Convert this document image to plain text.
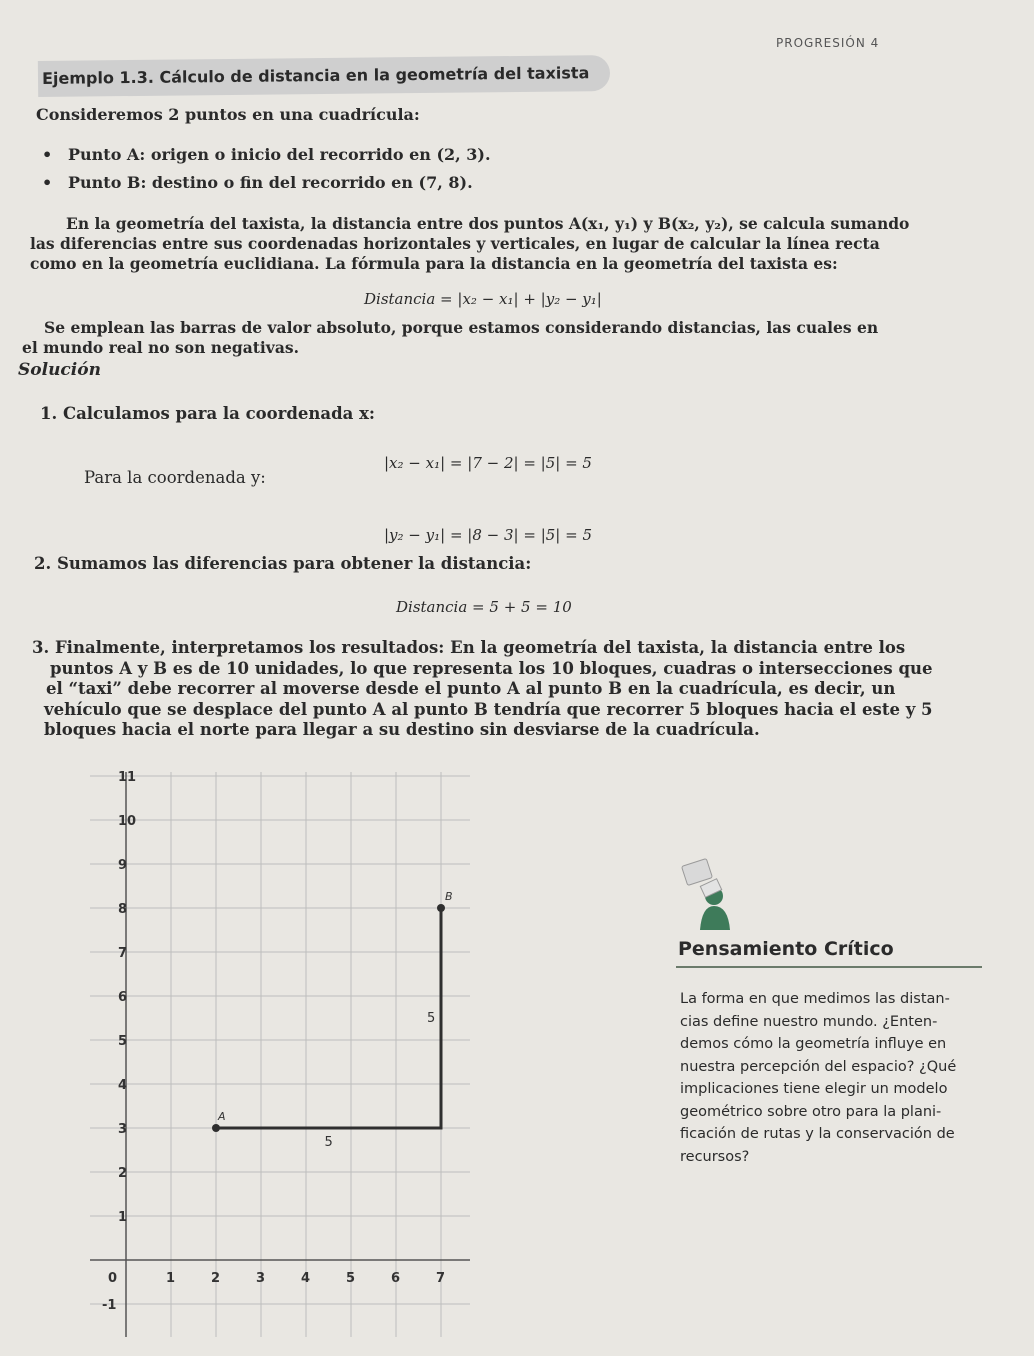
PROGRESIÓN 4
Ejemplo 1.3. Cálculo de distancia en la geometría del taxista
Consideremos 2 puntos en una cuadrícula:
• Punto A: origen o inicio del recorrido en (2, 3).
• Punto B: destino o fin del recorrido en (7, 8).
En la geometría del taxista, la distancia entre dos puntos A(x₁, y₁) y B(x₂, y₂), se calcula sumando
las diferencias entre sus coordenadas horizontales y verticales, en lugar de calcular la línea recta
como en la geometría euclidiana. La fórmula para la distancia en la geometría del taxista es:
Distancia = |x₂ − x₁| + |y₂ − y₁|
Se emplean las barras de valor absoluto, porque estamos considerando distancias, las cuales en
el mundo real no son negativas.
Solución
1. Calculamos para la coordenada x:
|x₂ − x₁| = |7 − 2| = |5| = 5
Para la coordenada y:
|y₂ − y₁| = |8 − 3| = |5| = 5
2. Sumamos las diferencias para obtener la distancia:
Distancia = 5 + 5 = 10
3. Finalmente, interpretamos los resultados: En la geometría del taxista, la distancia entre los
puntos A y B es de 10 unidades, lo que representa los 10 bloques, cuadras o intersecciones que
el “taxi” debe recorrer al moverse desde el punto A al punto B en la cuadrícula, es decir, un
vehículo que se desplace del punto A al punto B tendría que recorrer 5 bloques hacia el este y 5
bloques hacia el norte para llegar a su destino sin desviarse de la cuadrícula.
11
10
9
8
7
6
5
4
3
2
1
0
-1
1	2	3	4	5	6	7
A
B
5
5
Pensamiento Crítico
La forma en que medimos las distan-
cias define nuestro mundo. ¿Enten-
demos cómo la geometría influye en
nuestra percepción del espacio? ¿Qué
implicaciones tiene elegir un modelo
geométrico sobre otro para la plani-
ficación de rutas y la conservación de
recursos?
